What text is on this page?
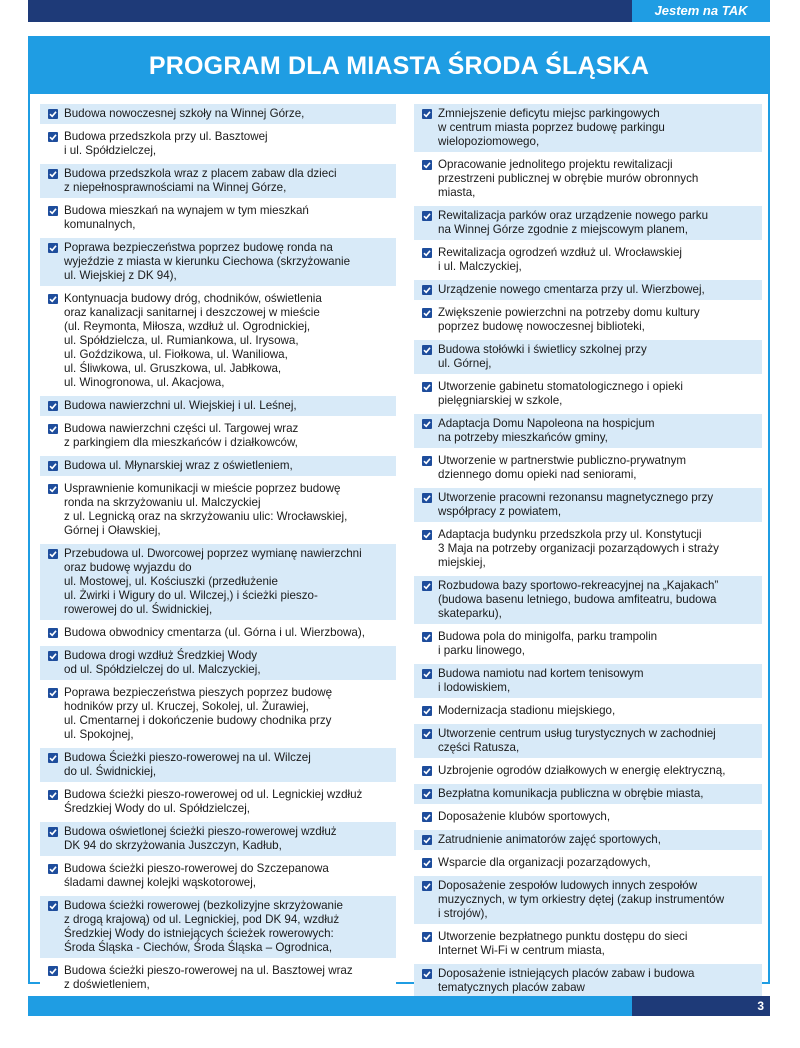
Jestem na TAK
PROGRAM DLA MIASTA ŚRODA ŚLĄSKA
Budowa nowoczesnej szkoły na Winnej Górze,
Budowa przedszkola przy ul. Basztowej
i ul. Spółdzielczej,
Budowa przedszkola wraz z placem zabaw dla dzieci
z niepełnosprawnościami na Winnej Górze,
Budowa mieszkań na wynajem w tym mieszkań
komunalnych,
Poprawa bezpieczeństwa poprzez budowę ronda na
wyjeździe z miasta w kierunku Ciechowa (skrzyżowanie
ul. Wiejskiej z DK 94),
Kontynuacja budowy dróg, chodników, oświetlenia
oraz kanalizacji sanitarnej i deszczowej w mieście
(ul. Reymonta, Miłosza, wzdłuż ul. Ogrodnickiej,
ul. Spółdzielcza, ul. Rumiankowa, ul. Irysowa,
ul. Goździkowa, ul. Fiołkowa, ul. Waniliowa,
ul. Śliwkowa, ul. Gruszkowa, ul. Jabłkowa,
ul. Winogronowa, ul. Akacjowa,
Budowa nawierzchni ul. Wiejskiej i ul. Leśnej,
Budowa nawierzchni części ul. Targowej wraz
z parkingiem dla mieszkańców i działkowców,
Budowa ul. Młynarskiej wraz z oświetleniem,
Usprawnienie komunikacji w mieście poprzez budowę
ronda na skrzyżowaniu ul. Malczyckiej
z ul. Legnicką oraz na skrzyżowaniu ulic: Wrocławskiej,
Górnej i Oławskiej,
Przebudowa ul. Dworcowej poprzez wymianę nawierzchni
oraz budowę wyjazdu do
ul. Mostowej, ul. Kościuszki (przedłużenie
ul. Żwirki i Wigury do ul. Wilczej,) i ścieżki pieszo-
rowerowej do ul. Świdnickiej,
Budowa obwodnicy cmentarza (ul. Górna i ul. Wierzbowa),
Budowa drogi wzdłuż Średzkiej Wody
od ul. Spółdzielczej do ul. Malczyckiej,
Poprawa bezpieczeństwa pieszych poprzez budowę
hodników przy ul. Kruczej, Sokolej, ul. Żurawiej,
ul. Cmentarnej i dokończenie budowy chodnika przy
ul. Spokojnej,
Budowa Ścieżki pieszo-rowerowej na ul. Wilczej
do ul. Świdnickiej,
Budowa ścieżki pieszo-rowerowej od ul. Legnickiej wzdłuż
Średzkiej Wody do ul. Spółdzielczej,
Budowa oświetlonej ścieżki pieszo-rowerowej wzdłuż
DK 94 do skrzyżowania Juszczyn, Kadłub,
Budowa ścieżki pieszo-rowerowej do Szczepanowa
śladami dawnej kolejki wąskotorowej,
Budowa ścieżki rowerowej (bezkolizyjne skrzyżowanie
z drogą krajową) od ul. Legnickiej, pod DK 94, wzdłuż
Średzkiej Wody do istniejących ścieżek rowerowych:
Środa Śląska - Ciechów, Środa Śląska – Ogrodnica,
Budowa ścieżki pieszo-rowerowej na ul. Basztowej wraz
z doświetleniem,
Zmniejszenie deficytu miejsc parkingowych
w centrum miasta poprzez budowę parkingu
wielopoziomowego,
Opracowanie jednolitego projektu rewitalizacji
przestrzeni publicznej w obrębie murów obronnych
miasta,
Rewitalizacja parków oraz urządzenie nowego parku
na Winnej Górze zgodnie z miejscowym planem,
Rewitalizacja ogrodzeń wzdłuż ul. Wrocławskiej
i ul. Malczyckiej,
Urządzenie nowego cmentarza przy ul. Wierzbowej,
Zwiększenie powierzchni na potrzeby domu kultury
poprzez budowę nowoczesnej biblioteki,
Budowa stołówki i świetlicy szkolnej przy
ul. Górnej,
Utworzenie gabinetu stomatologicznego i opieki
pielęgniarskiej w szkole,
Adaptacja Domu Napoleona na hospicjum
na potrzeby mieszkańców gminy,
Utworzenie w partnerstwie publiczno-prywatnym
dziennego domu opieki nad seniorami,
Utworzenie pracowni rezonansu magnetycznego przy
współpracy z powiatem,
Adaptacja budynku przedszkola przy ul. Konstytucji
3 Maja na potrzeby organizacji pozarządowych i straży
miejskiej,
Rozbudowa bazy sportowo-rekreacyjnej na „Kajakach”
(budowa basenu letniego, budowa amfiteatru, budowa
skateparku),
Budowa pola do minigolfa, parku trampolin
i parku linowego,
Budowa namiotu nad kortem tenisowym
i lodowiskiem,
Modernizacja stadionu miejskiego,
Utworzenie centrum usług turystycznych w zachodniej
części Ratusza,
Uzbrojenie ogrodów działkowych w energię elektryczną,
Bezpłatna komunikacja publiczna w obrębie miasta,
Doposażenie klubów sportowych,
Zatrudnienie animatorów zajęć sportowych,
Wsparcie dla organizacji pozarządowych,
Doposażenie zespołów ludowych innych zespołów
muzycznych, w tym orkiestry dętej (zakup instrumentów
i strojów),
Utworzenie bezpłatnego punktu dostępu do sieci
Internet Wi-Fi w centrum miasta,
Doposażenie istniejących placów zabaw i budowa
tematycznych placów zabaw
3
